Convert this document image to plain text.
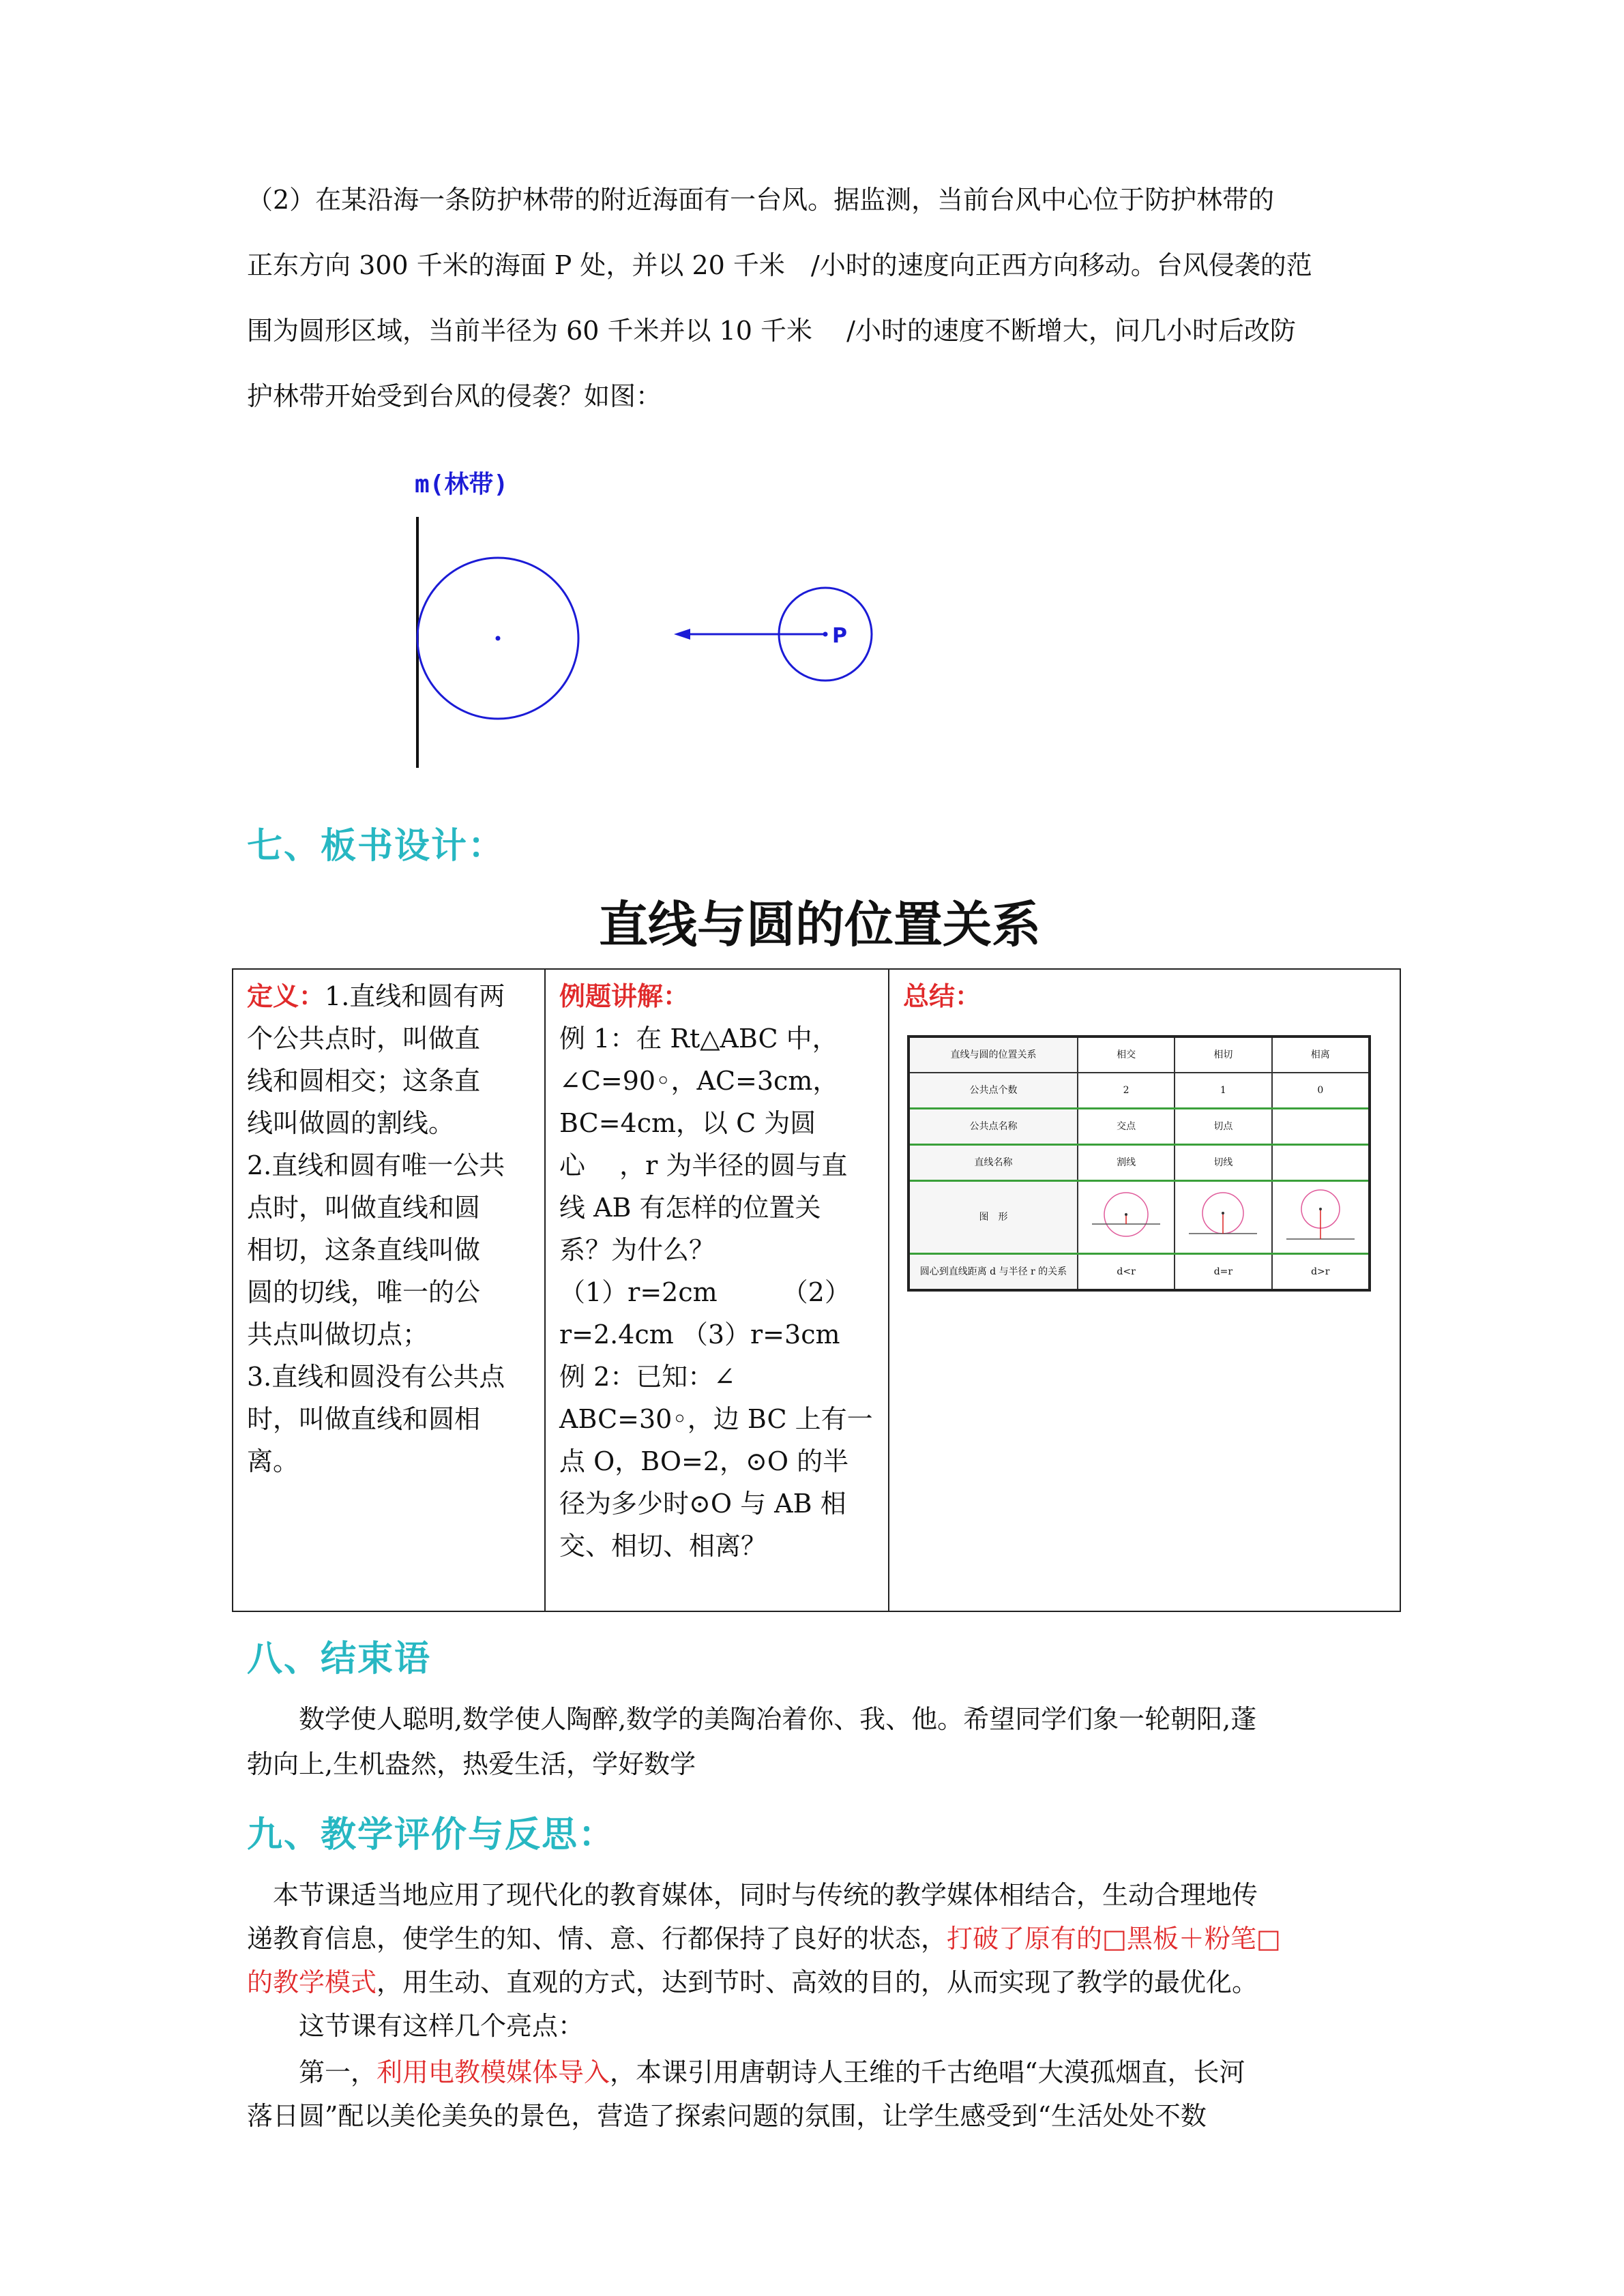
（2）在某沿海一条防护林带的附近海面有一台风。据监测，当前台风中心位于防护林带的

正东方向 300 千米的海面 P 处，并以 20 千米　/小时的速度向正西方向移动。台风侵袭的范

围为圆形区域，当前半径为 60 千米并以 10 千米　 /小时的速度不断增大，问几小时后改防

护林带开始受到台风的侵袭？如图：

m(林带)
P
七、板书设计：
直线与圆的位置关系
定义：1.直线和圆有两
个公共点时，叫做直
线和圆相交；这条直
线叫做圆的割线。
2.直线和圆有唯一公共
点时，叫做直线和圆
相切，这条直线叫做
圆的切线，唯一的公
共点叫做切点；
3.直线和圆没有公共点
时，叫做直线和圆相
离。
例题讲解：
例 1：在 Rt△ABC 中，
∠C=90◦，AC=3cm，
BC=4cm，以 C 为圆
心　 ，r 为半径的圆与直
线 AB 有怎样的位置关
系？为什么？
（1）r=2cm　　　（2）
r=2.4cm （3）r=3cm
例 2：已知：∠
ABC=30◦，边 BC 上有一
点 O，BO=2，⊙O 的半
径为多少时⊙O 与 AB 相
交、相切、相离？
总结：
直线与圆的位置关系	相交	相切	相离
公共点个数	2	1	0
公共点名称	交点	切点	
直线名称	割线	切线	
图　形			
圆心到直线距离 d 与半径 r 的关系	d<r	d=r	d>r
八、结束语

　　数学使人聪明,数学使人陶醉,数学的美陶冶着你、我、他。希望同学们象一轮朝阳,蓬

勃向上,生机盎然，热爱生活，学好数学

九、教学评价与反思：

　本节课适当地应用了现代化的教育媒体，同时与传统的教学媒体相结合，生动合理地传

递教育信息，使学生的知、情、意、行都保持了良好的状态，打破了原有的□黑板＋粉笔□

的教学模式，用生动、直观的方式，达到节时、高效的目的，从而实现了教学的最优化。

　　这节课有这样几个亮点：

　　第一，利用电教模媒体导入，本课引用唐朝诗人王维的千古绝唱“大漠孤烟直，长河

落日圆”配以美伦美奂的景色，营造了探索问题的氛围，让学生感受到“生活处处不数
